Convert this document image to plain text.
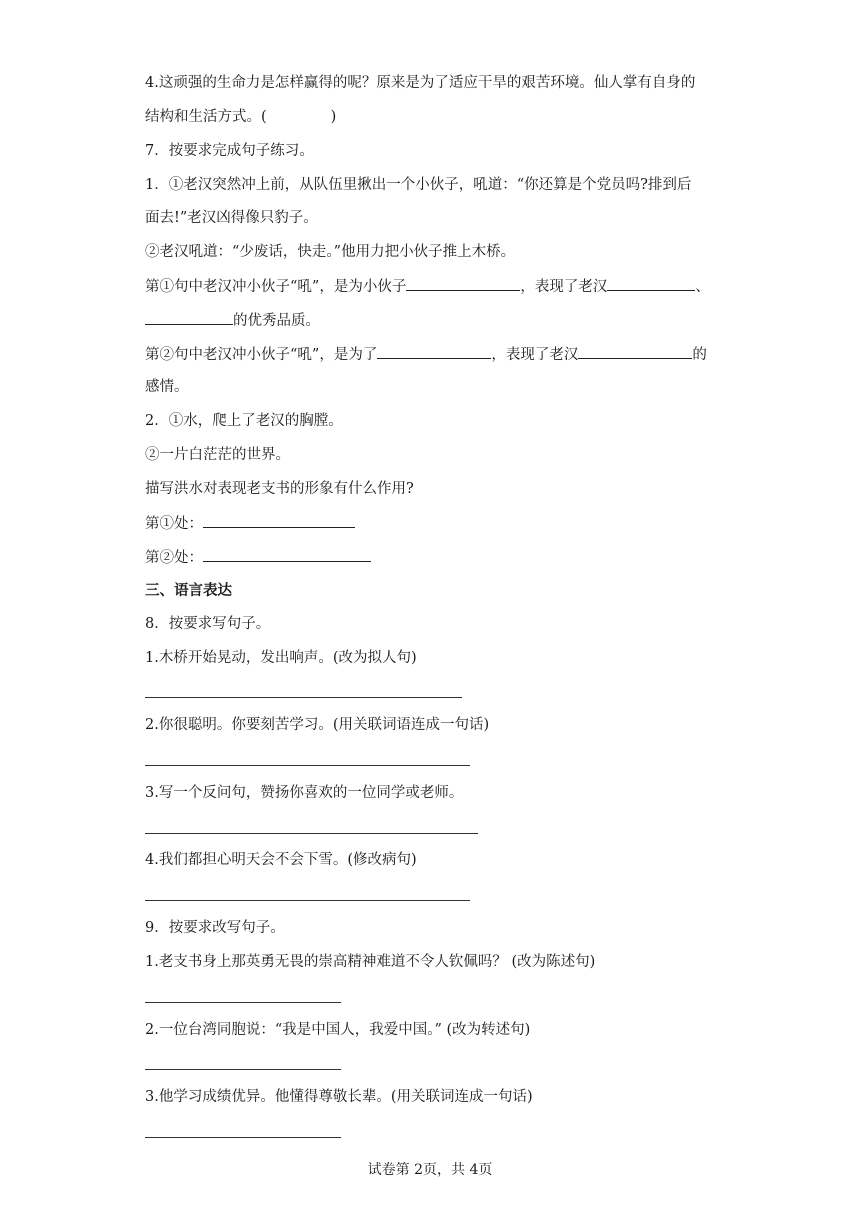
4.这顽强的生命力是怎样赢得的呢？原来是为了适应干旱的艰苦环境。仙人掌有自身的
结构和生活方式。(	)
7．按要求完成句子练习。
1．①老汉突然冲上前，从队伍里揪出一个小伙子，吼道：“你还算是个党员吗?排到后
面去!”老汉凶得像只豹子。
②老汉吼道：“少废话，快走。”他用力把小伙子推上木桥。
第①句中老汉冲小伙子“吼”，是为小伙子	，表现了老汉	、
的优秀品质。
第②句中老汉冲小伙子“吼”，是为了	，表现了老汉	的
感情。
2．①水，爬上了老汉的胸膛。
②一片白茫茫的世界。
描写洪水对表现老支书的形象有什么作用?
第①处：
第②处：
三、语言表达
8．按要求写句子。
1.木桥开始晃动，发出响声。(改为拟人句)
2.你很聪明。你要刻苦学习。(用关联词语连成一句话)
3.写一个反问句，赞扬你喜欢的一位同学或老师。
4.我们都担心明天会不会下雪。(修改病句)
9．按要求改写句子。
1.老支书身上那英勇无畏的崇高精神难道不令人钦佩吗？ (改为陈述句)
2.一位台湾同胞说：“我是中国人，我爱中国。” (改为转述句)
3.他学习成绩优异。他懂得尊敬长辈。(用关联词连成一句话)
试卷第 2页，共 4页
